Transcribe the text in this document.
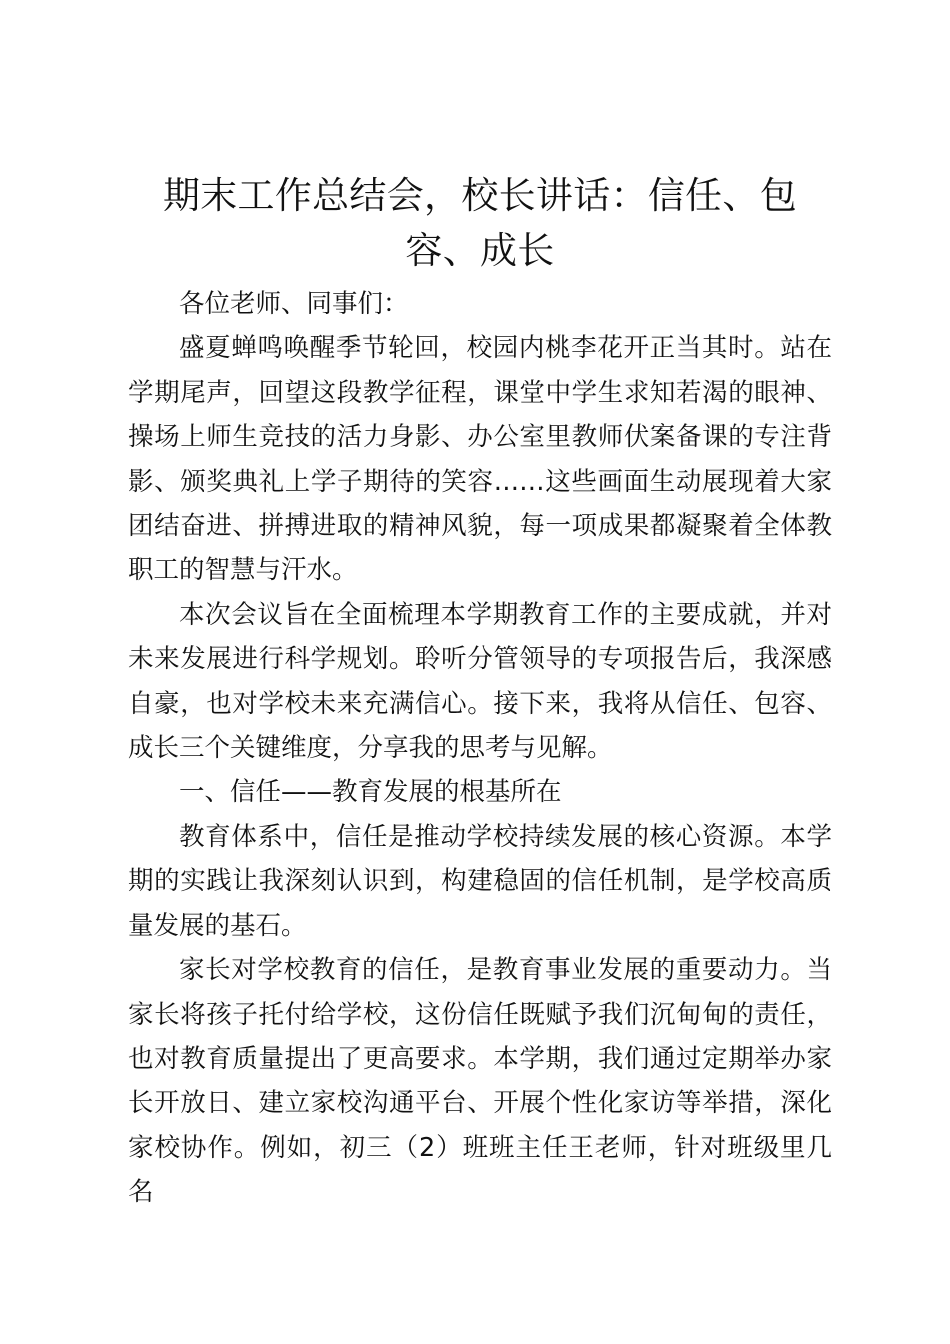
期末工作总结会，校长讲话：信任、包容、成长

各位老师、同事们：

盛夏蝉鸣唤醒季节轮回，校园内桃李花开正当其时。站在学期尾声，回望这段教学征程，课堂中学生求知若渴的眼神、操场上师生竞技的活力身影、办公室里教师伏案备课的专注背影、颁奖典礼上学子期待的笑容……这些画面生动展现着大家团结奋进、拼搏进取的精神风貌，每一项成果都凝聚着全体教职工的智慧与汗水。

本次会议旨在全面梳理本学期教育工作的主要成就，并对未来发展进行科学规划。聆听分管领导的专项报告后，我深感自豪，也对学校未来充满信心。接下来，我将从信任、包容、成长三个关键维度，分享我的思考与见解。

一、信任——教育发展的根基所在

教育体系中，信任是推动学校持续发展的核心资源。本学期的实践让我深刻认识到，构建稳固的信任机制，是学校高质量发展的基石。

家长对学校教育的信任，是教育事业发展的重要动力。当家长将孩子托付给学校，这份信任既赋予我们沉甸甸的责任，也对教育质量提出了更高要求。本学期，我们通过定期举办家长开放日、建立家校沟通平台、开展个性化家访等举措，深化家校协作。例如，初三（2）班班主任王老师，针对班级里几名
